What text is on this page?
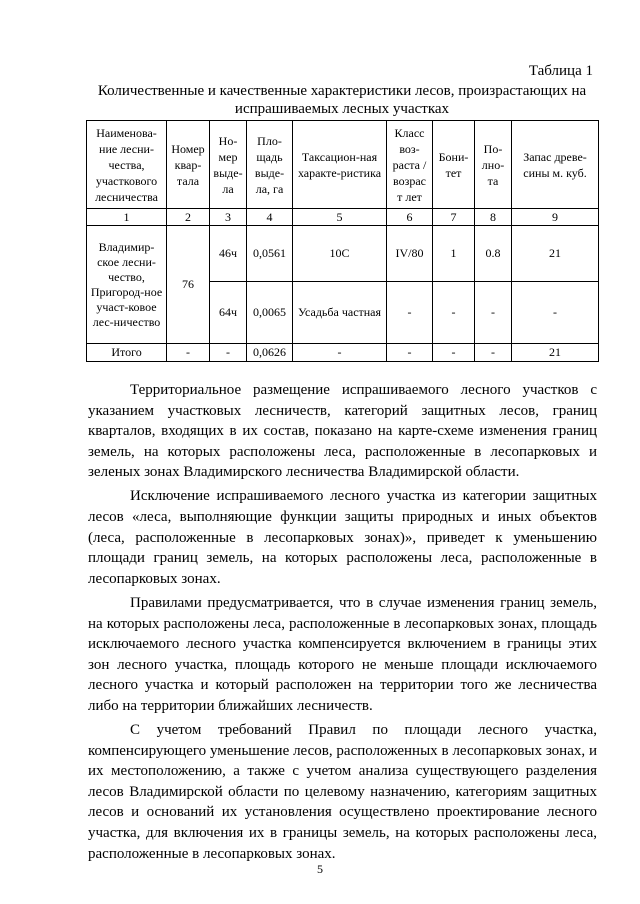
Таблица 1
Количественные и качественные характеристики лесов, произрастающих на испрашиваемых лесных участках
Наименова-ние лесни-чества, участкового лесничества	Номер квар-тала	Но-мер выде-ла	Пло-щадь выде-ла, га	Таксацион-ная характе-ристика	Класс воз-раста /возрас т лет	Бони-тет	По-лно-та	Запас древе-сины м. куб.
1	2	3	4	5	6	7	8	9
Владимир-ское лесни-чество, Пригород-ное участ-ковое лес-ничество	76	46ч	0,0561	10С	IV/80	1	0.8	21
		64ч	0,0065	Усадьба частная	-	-	-	-
Итого	-	-	0,0626	-	-	-	-	21

Территориальное размещение испрашиваемого лесного участков с указанием участковых лесничеств, категорий защитных лесов, границ кварталов, входящих в их состав, показано на карте-схеме изменения границ земель, на которых расположены леса, расположенные в лесопарковых и зеленых зонах Владимирского лесничества Владимирской области.

Исключение испрашиваемого лесного участка из категории защитных лесов «леса, выполняющие функции защиты природных и иных объектов (леса, расположенные в лесопарковых зонах)», приведет к уменьшению площади границ земель, на которых расположены леса, расположенные в лесопарковых зонах.

Правилами предусматривается, что в случае изменения границ земель, на которых расположены леса, расположенные в лесопарковых зонах, площадь исключаемого лесного участка компенсируется включением в границы этих зон лесного участка, площадь которого не меньше площади исключаемого лесного участка и который расположен на территории того же лесничества либо на территории ближайших лесничеств.

С учетом требований Правил по площади лесного участка, компенсирующего уменьшение лесов, расположенных в лесопарковых зонах, и их местоположению, а также с учетом анализа существующего разделения лесов Владимирской области по целевому назначению, категориям защитных лесов и оснований их установления осуществлено проектирование лесного участка, для включения их в границы земель, на которых расположены леса, расположенные в лесопарковых зонах.

5
